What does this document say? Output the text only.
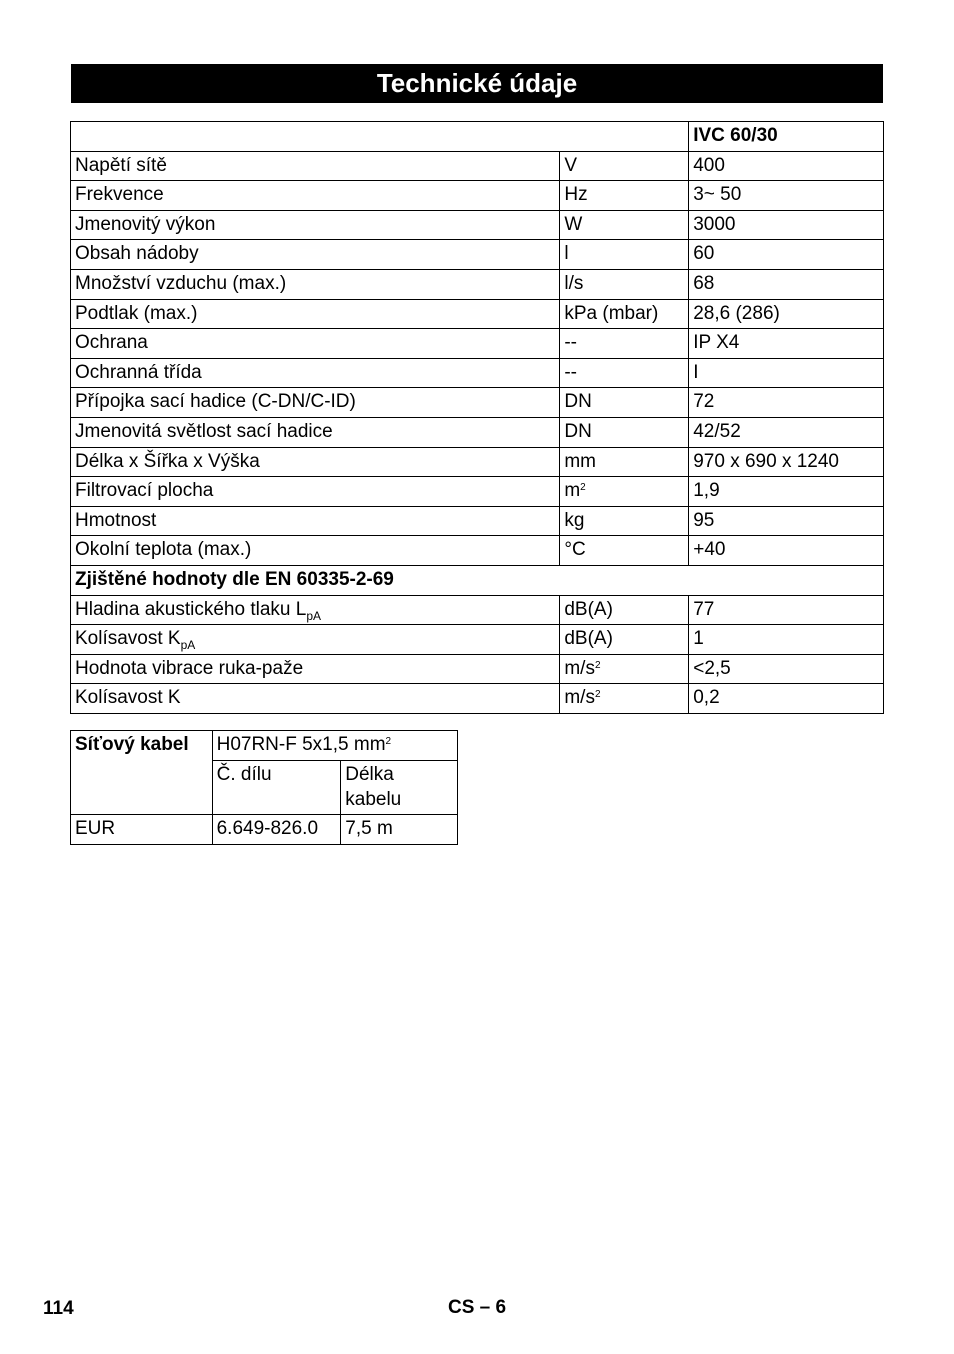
Technické údaje
		IVC 60/30
Napětí sítě	V	400
Frekvence	Hz	3~ 50
Jmenovitý výkon	W	3000
Obsah nádoby	l	60
Množství vzduchu (max.)	l/s	68
Podtlak (max.)	kPa (mbar)	28,6 (286)
Ochrana	--	IP X4
Ochranná třída	--	I
Přípojka sací hadice (C-DN/C-ID)	DN	72
Jmenovitá světlost sací hadice	DN	42/52
Délka x Šířka x Výška	mm	970 x 690 x 1240
Filtrovací plocha	$m^2$	1,9
Hmotnost	kg	95
Okolní teplota (max.)	°C	+40
Zjištěné hodnoty dle EN 60335-2-69		
Hladina akustického tlaku $L_{pA}$	dB(A)	77
Kolísavost $K_{pA}$	dB(A)	1
Hodnota vibrace ruka-paže	$m/s^2$	<2,5
Kolísavost K	$m/s^2$	0,2
Síťový kabel	H07RN-F 5x1,5 $mm^2$
	Č. dílu	Délka kabelu
EUR	6.649-826.0	7,5 m
114	CS – 6
